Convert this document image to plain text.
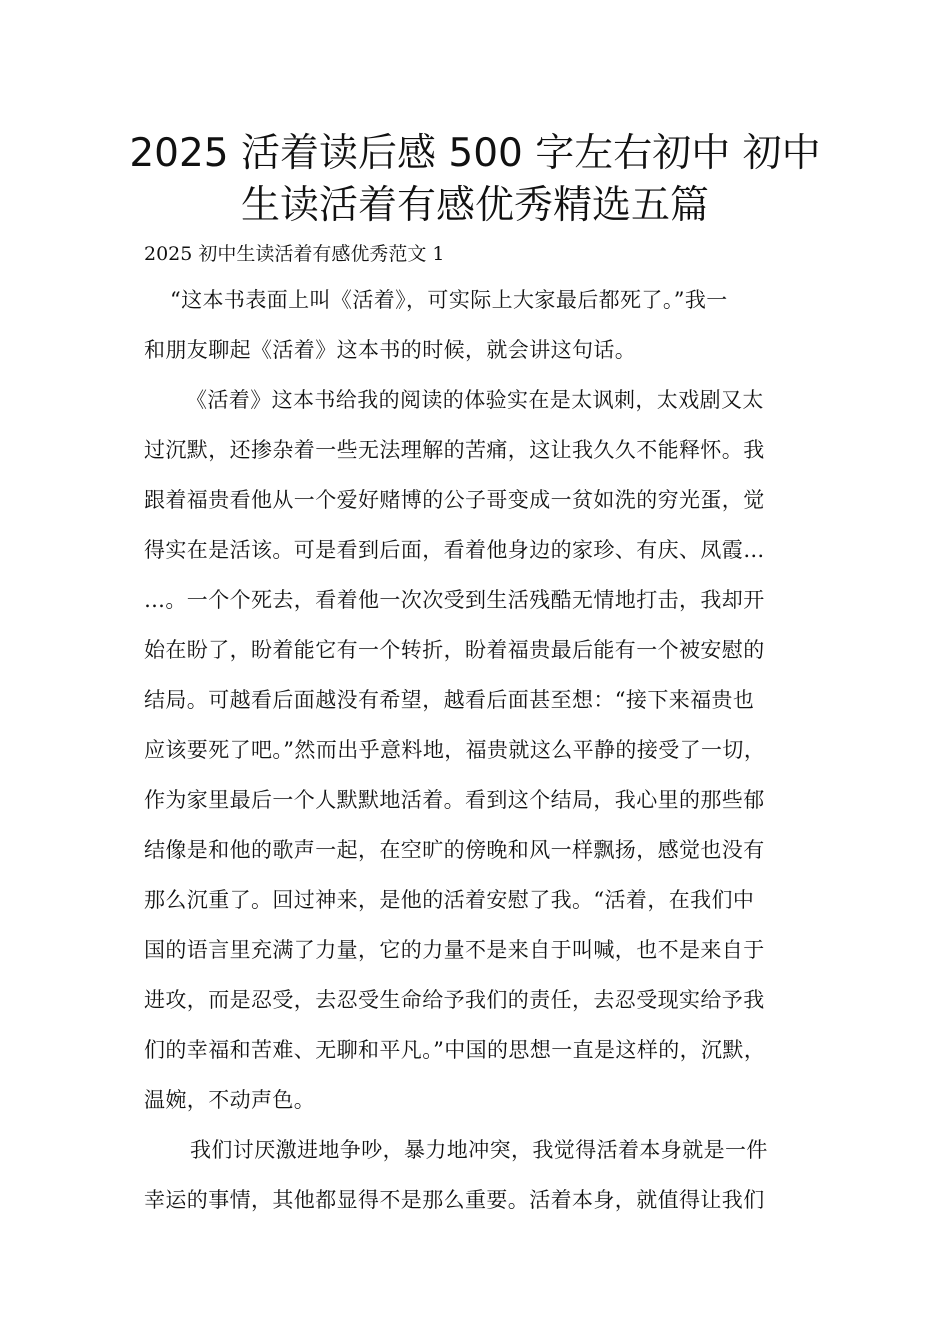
2025 活着读后感 500 字左右初中 初中
生读活着有感优秀精选五篇
2025 初中生读活着有感优秀范文 1
“这本书表面上叫《活着》，可实际上大家最后都死了。”我一
和朋友聊起《活着》这本书的时候，就会讲这句话。
《活着》这本书给我的阅读的体验实在是太讽刺，太戏剧又太
过沉默，还掺杂着一些无法理解的苦痛，这让我久久不能释怀。我
跟着福贵看他从一个爱好赌博的公子哥变成一贫如洗的穷光蛋，觉
得实在是活该。可是看到后面，看着他身边的家珍、有庆、凤霞…
…。一个个死去，看着他一次次受到生活残酷无情地打击，我却开
始在盼了，盼着能它有一个转折，盼着福贵最后能有一个被安慰的
结局。可越看后面越没有希望，越看后面甚至想：“接下来福贵也
应该要死了吧。”然而出乎意料地，福贵就这么平静的接受了一切，
作为家里最后一个人默默地活着。看到这个结局，我心里的那些郁
结像是和他的歌声一起，在空旷的傍晚和风一样飘扬，感觉也没有
那么沉重了。回过神来，是他的活着安慰了我。“活着，在我们中
国的语言里充满了力量，它的力量不是来自于叫喊，也不是来自于
进攻，而是忍受，去忍受生命给予我们的责任，去忍受现实给予我
们的幸福和苦难、无聊和平凡。”中国的思想一直是这样的，沉默，
温婉，不动声色。
我们讨厌激进地争吵，暴力地冲突，我觉得活着本身就是一件
幸运的事情，其他都显得不是那么重要。活着本身，就值得让我们
